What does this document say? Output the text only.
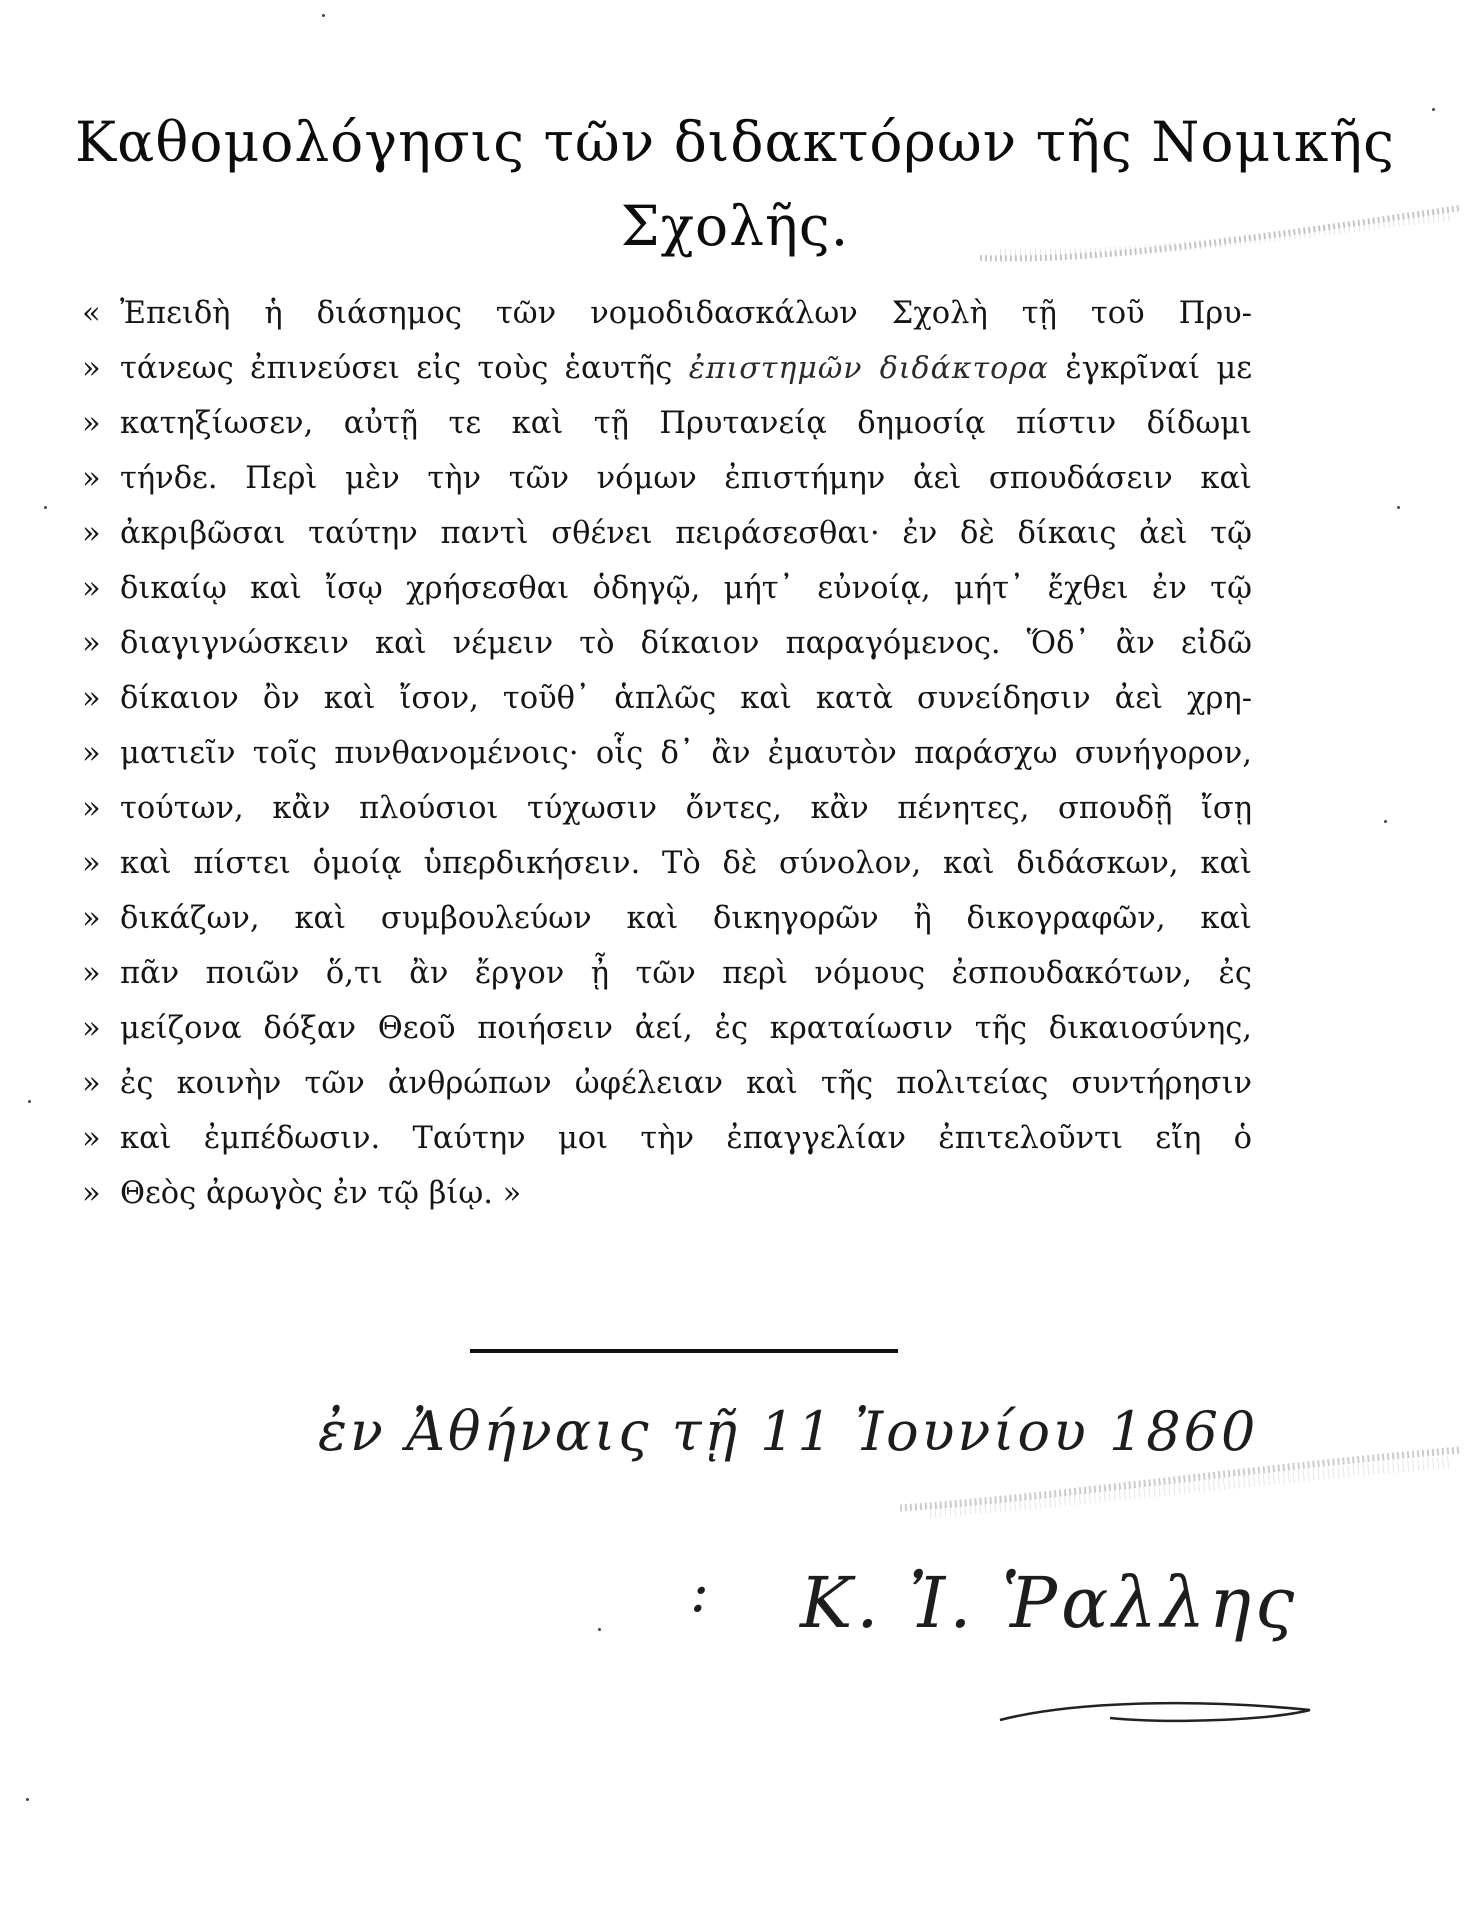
Καθομολόγησις τῶν διδακτόρων τῆς Νομικῆς
Σχολῆς.
« Ἐπειδὴ ἡ διάσημος τῶν νομοδιδασκάλων Σχολὴ τῇ τοῦ Πρυ-
» τάνεως ἐπινεύσει εἰς τοὺς ἑαυτῆς ἐπιστημῶν διδάκτορα ἐγκρῖναί με
» κατηξίωσεν, αὐτῇ τε καὶ τῇ Πρυτανείᾳ δημοσίᾳ πίστιν δίδωμι
» τήνδε. Περὶ μὲν τὴν τῶν νόμων ἐπιστήμην ἀεὶ σπουδάσειν καὶ
» ἀκριβῶσαι ταύτην παντὶ σθένει πειράσεσθαι· ἐν δὲ δίκαις ἀεὶ τῷ
» δικαίῳ καὶ ἴσῳ χρήσεσθαι ὁδηγῷ, μήτ᾽ εὐνοίᾳ, μήτ᾽ ἔχθει ἐν τῷ
» διαγιγνώσκειν καὶ νέμειν τὸ δίκαιον παραγόμενος. Ὅδ᾽ ἂν εἰδῶ
» δίκαιον ὂν καὶ ἴσον, τοῦθ᾽ ἁπλῶς καὶ κατὰ συνείδησιν ἀεὶ χρη-
» ματιεῖν τοῖς πυνθανομένοις· οἷς δ᾽ ἂν ἐμαυτὸν παράσχω συνήγορον,
» τούτων, κἂν πλούσιοι τύχωσιν ὄντες, κἂν πένητες, σπουδῇ ἴσῃ
» καὶ πίστει ὁμοίᾳ ὑπερδικήσειν. Τὸ δὲ σύνολον, καὶ διδάσκων, καὶ
» δικάζων, καὶ συμβουλεύων καὶ δικηγορῶν ἢ δικογραφῶν, καὶ
» πᾶν ποιῶν ὅ,τι ἂν ἔργον ᾖ τῶν περὶ νόμους ἐσπουδακότων, ἐς
» μείζονα δόξαν Θεοῦ ποιήσειν ἀεί, ἐς κραταίωσιν τῆς δικαιοσύνης,
» ἐς κοινὴν τῶν ἀνθρώπων ὠφέλειαν καὶ τῆς πολιτείας συντήρησιν
» καὶ ἐμπέδωσιν. Ταύτην μοι τὴν ἐπαγγελίαν ἐπιτελοῦντι εἴη ὁ
» Θεὸς ἀρωγὸς ἐν τῷ βίῳ. »
ἐν Ἀθήναις τῇ 11 Ἰουνίου 1860
: Κ. Ἰ. Ῥαλλης
